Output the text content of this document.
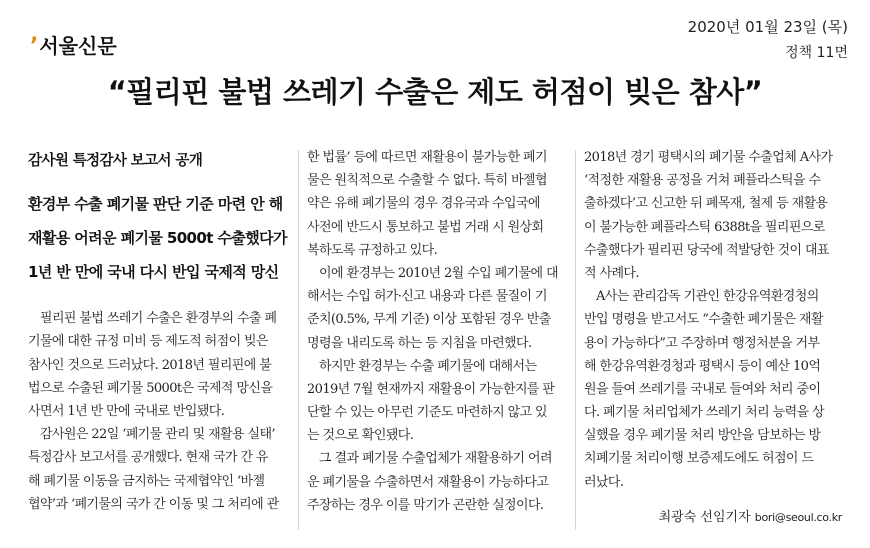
’서울신문
2020년 01월 23일 (목)
정책 11면
“필리핀 불법 쓰레기 수출은 제도 허점이 빚은 참사”
감사원 특정감사 보고서 공개
환경부 수출 폐기물 판단 기준 마련 안 해
재활용 어려운 폐기물 5000t 수출했다가
1년 반 만에 국내 다시 반입 국제적 망신
필리핀 불법 쓰레기 수출은 환경부의 수출 폐
기물에 대한 규정 미비 등 제도적 허점이 빚은
참사인 것으로 드러났다. 2018년 필리핀에 불
법으로 수출된 폐기물 5000t은 국제적 망신을
사면서 1년 반 만에 국내로 반입됐다.
감사원은 22일 ‘폐기물 관리 및 재활용 실태’
특정감사 보고서를 공개했다. 현재 국가 간 유
해 폐기물 이동을 금지하는 국제협약인 ‘바젤
협약’과 ‘폐기물의 국가 간 이동 및 그 처리에 관
한 법률’ 등에 따르면 재활용이 불가능한 폐기
물은 원칙적으로 수출할 수 없다. 특히 바젤협
약은 유해 폐기물의 경우 경유국과 수입국에
사전에 반드시 통보하고 불법 거래 시 원상회
복하도록 규정하고 있다.
이에 환경부는 2010년 2월 수입 폐기물에 대
해서는 수입 허가·신고 내용과 다른 물질이 기
준치(0.5%, 무게 기준) 이상 포함된 경우 반출
명령을 내리도록 하는 등 지침을 마련했다.
하지만 환경부는 수출 폐기물에 대해서는
2019년 7월 현재까지 재활용이 가능한지를 판
단할 수 있는 아무런 기준도 마련하지 않고 있
는 것으로 확인됐다.
그 결과 폐기물 수출업체가 재활용하기 어려
운 폐기물을 수출하면서 재활용이 가능하다고
주장하는 경우 이를 막기가 곤란한 실정이다.
2018년 경기 평택시의 폐기물 수출업체 A사가
‘적정한 재활용 공정을 거쳐 폐플라스틱을 수
출하겠다’고 신고한 뒤 폐목재, 철제 등 재활용
이 불가능한 폐플라스틱 6388t을 필리핀으로
수출했다가 필리핀 당국에 적발당한 것이 대표
적 사례다.
A사는 관리감독 기관인 한강유역환경청의
반입 명령을 받고서도 “수출한 폐기물은 재활
용이 가능하다”고 주장하며 행정처분을 거부
해 한강유역환경청과 평택시 등이 예산 10억
원을 들여 쓰레기를 국내로 들여와 처리 중이
다. 폐기물 처리업체가 쓰레기 처리 능력을 상
실했을 경우 폐기물 처리 방안을 담보하는 방
치폐기물 처리이행 보증제도에도 허점이 드
러났다.
최광숙 선임기자 bori@seoul.co.kr
